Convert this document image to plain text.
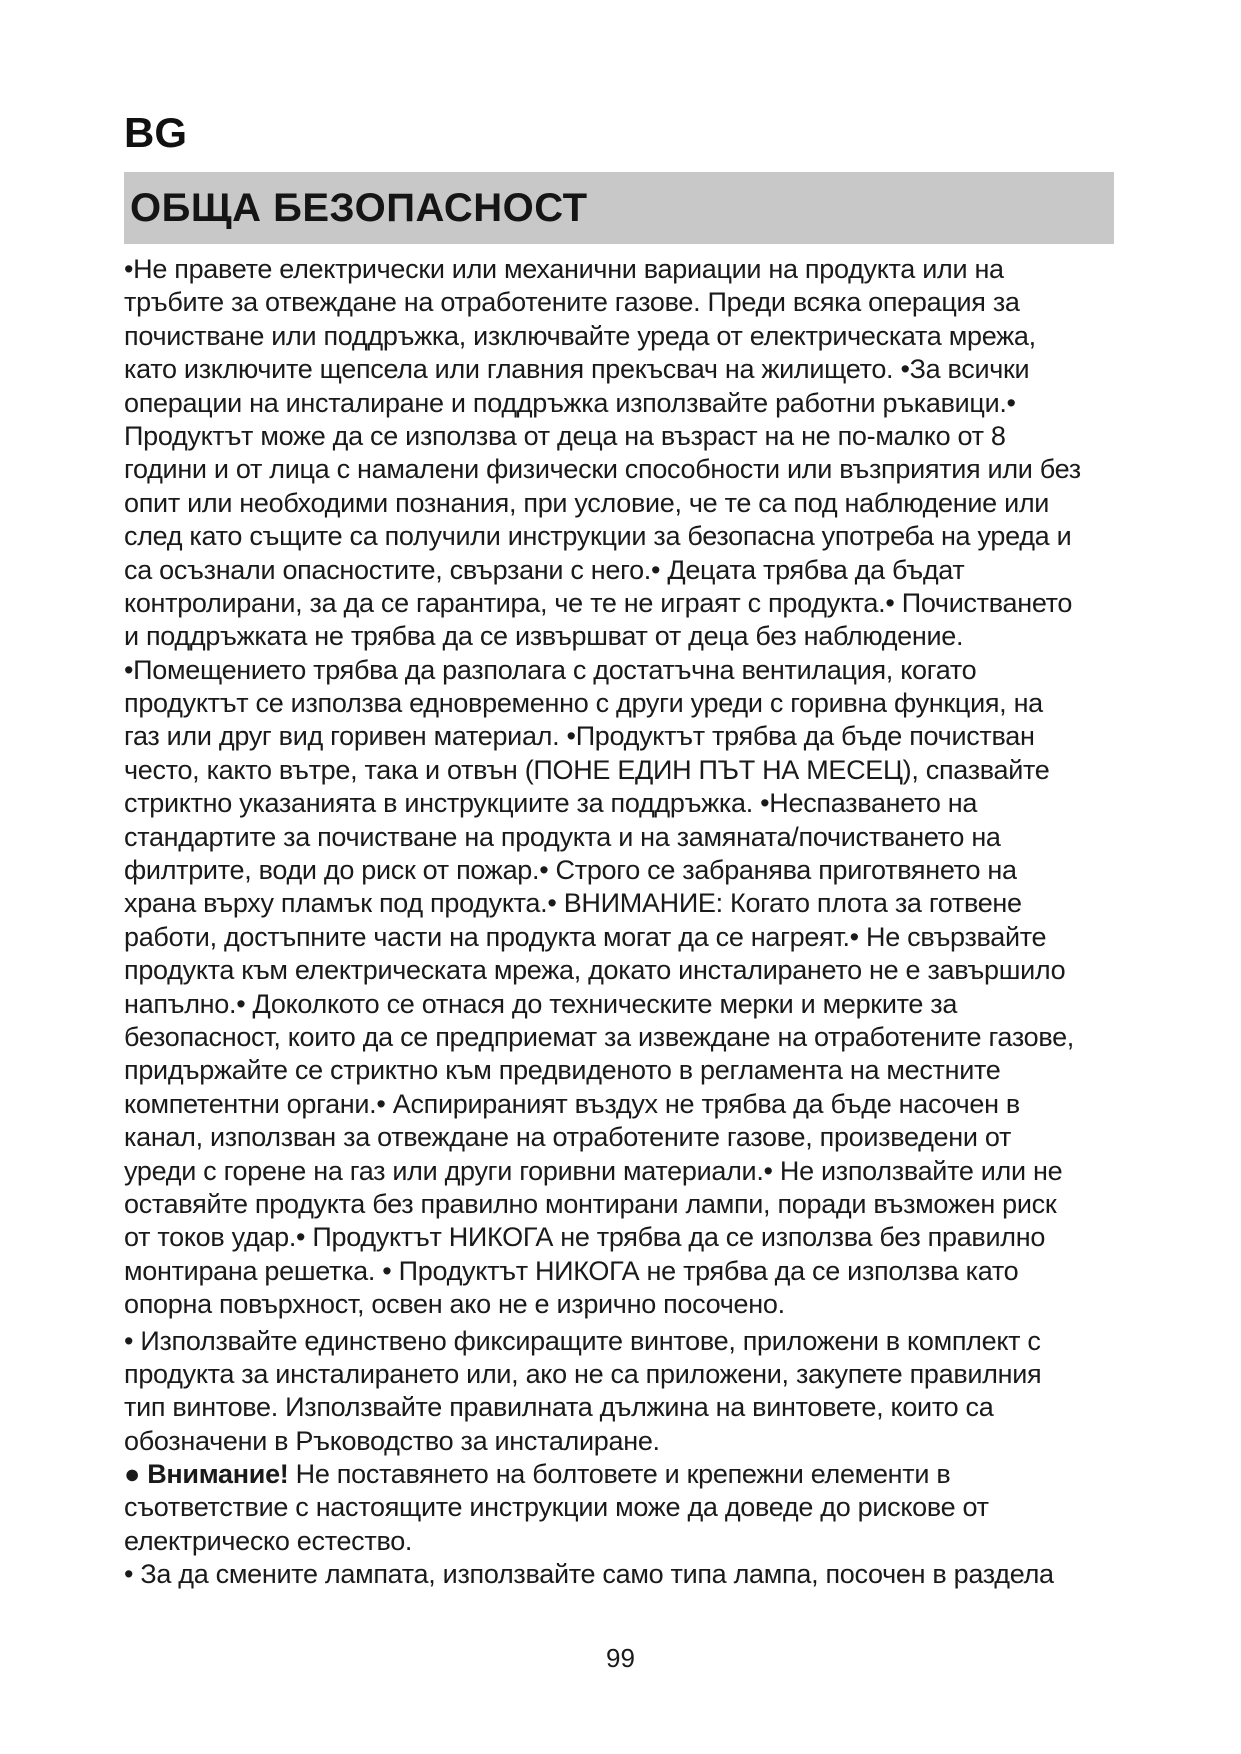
BG
ОБЩА БЕЗОПАСНОСТ
•Не правете електрически или механични вариации на продукта или на
тръбите за отвеждане на отработените газове. Преди всяка операция за
почистване или поддръжка, изключвайте уреда от електрическата мрежа,
като изключите щепсела или главния прекъсвач на жилището. •За всички
операции на инсталиране и поддръжка използвайте работни ръкавици.•
Продуктът може да се използва от деца на възраст на не по-малко от 8
години и от лица с намалени физически способности или възприятия или без
опит или необходими познания, при условие, че те са под наблюдение или
след като същите са получили инструкции за безопасна употреба на уреда и
са осъзнали опасностите, свързани с него.• Децата трябва да бъдат
контролирани, за да се гарантира, че те не играят с продукта.• Почистването
и поддръжката не трябва да се извършват от деца без наблюдение.
•Помещението трябва да разполага с достатъчна вентилация, когато
продуктът се използва едновременно с други уреди с горивна функция, на
газ или друг вид горивен материал. •Продуктът трябва да бъде почистван
често, както вътре, така и отвън (ПОНЕ ЕДИН ПЪТ НА МЕСЕЦ), спазвайте
стриктно указанията в инструкциите за поддръжка. •Неспазването на
стандартите за почистване на продукта и на замяната/почистването на
филтрите, води до риск от пожар.• Строго се забранява приготвянето на
храна върху пламък под продукта.• ВНИМАНИЕ: Когато плота за готвене
работи, достъпните части на продукта могат да се нагреят.• Не свързвайте
продукта към електрическата мрежа, докато инсталирането не е завършило
напълно.• Доколкото се отнася до техническите мерки и мерките за
безопасност, които да се предприемат за извеждане на отработените газове,
придържайте се стриктно към предвиденото в регламента на местните
компетентни органи.• Аспирираният въздух не трябва да бъде насочен в
канал, използван за отвеждане на отработените газове, произведени от
уреди с горене на газ или други горивни материали.• Не използвайте или не
оставяйте продукта без правилно монтирани лампи, поради възможен риск
от токов удар.• Продуктът НИКОГА не трябва да се използва без правилно
монтирана решетка. • Продуктът НИКОГА не трябва да се използва като
опорна повърхност, освен ако не е изрично посочено.
• Използвайте единствено фиксиращите винтове, приложени в комплект с
продукта за инсталирането или, ако не са приложени, закупете правилния
тип винтове. Използвайте правилната дължина на винтовете, които са
обозначени в Ръководство за инсталиране.
● Внимание! Не поставянето на болтовете и крепежни елементи в
съответствие с настоящите инструкции може да доведе до рискове от
електрическо естество.
• За да смените лампата, използвайте само типа лампа, посочен в раздела
99
